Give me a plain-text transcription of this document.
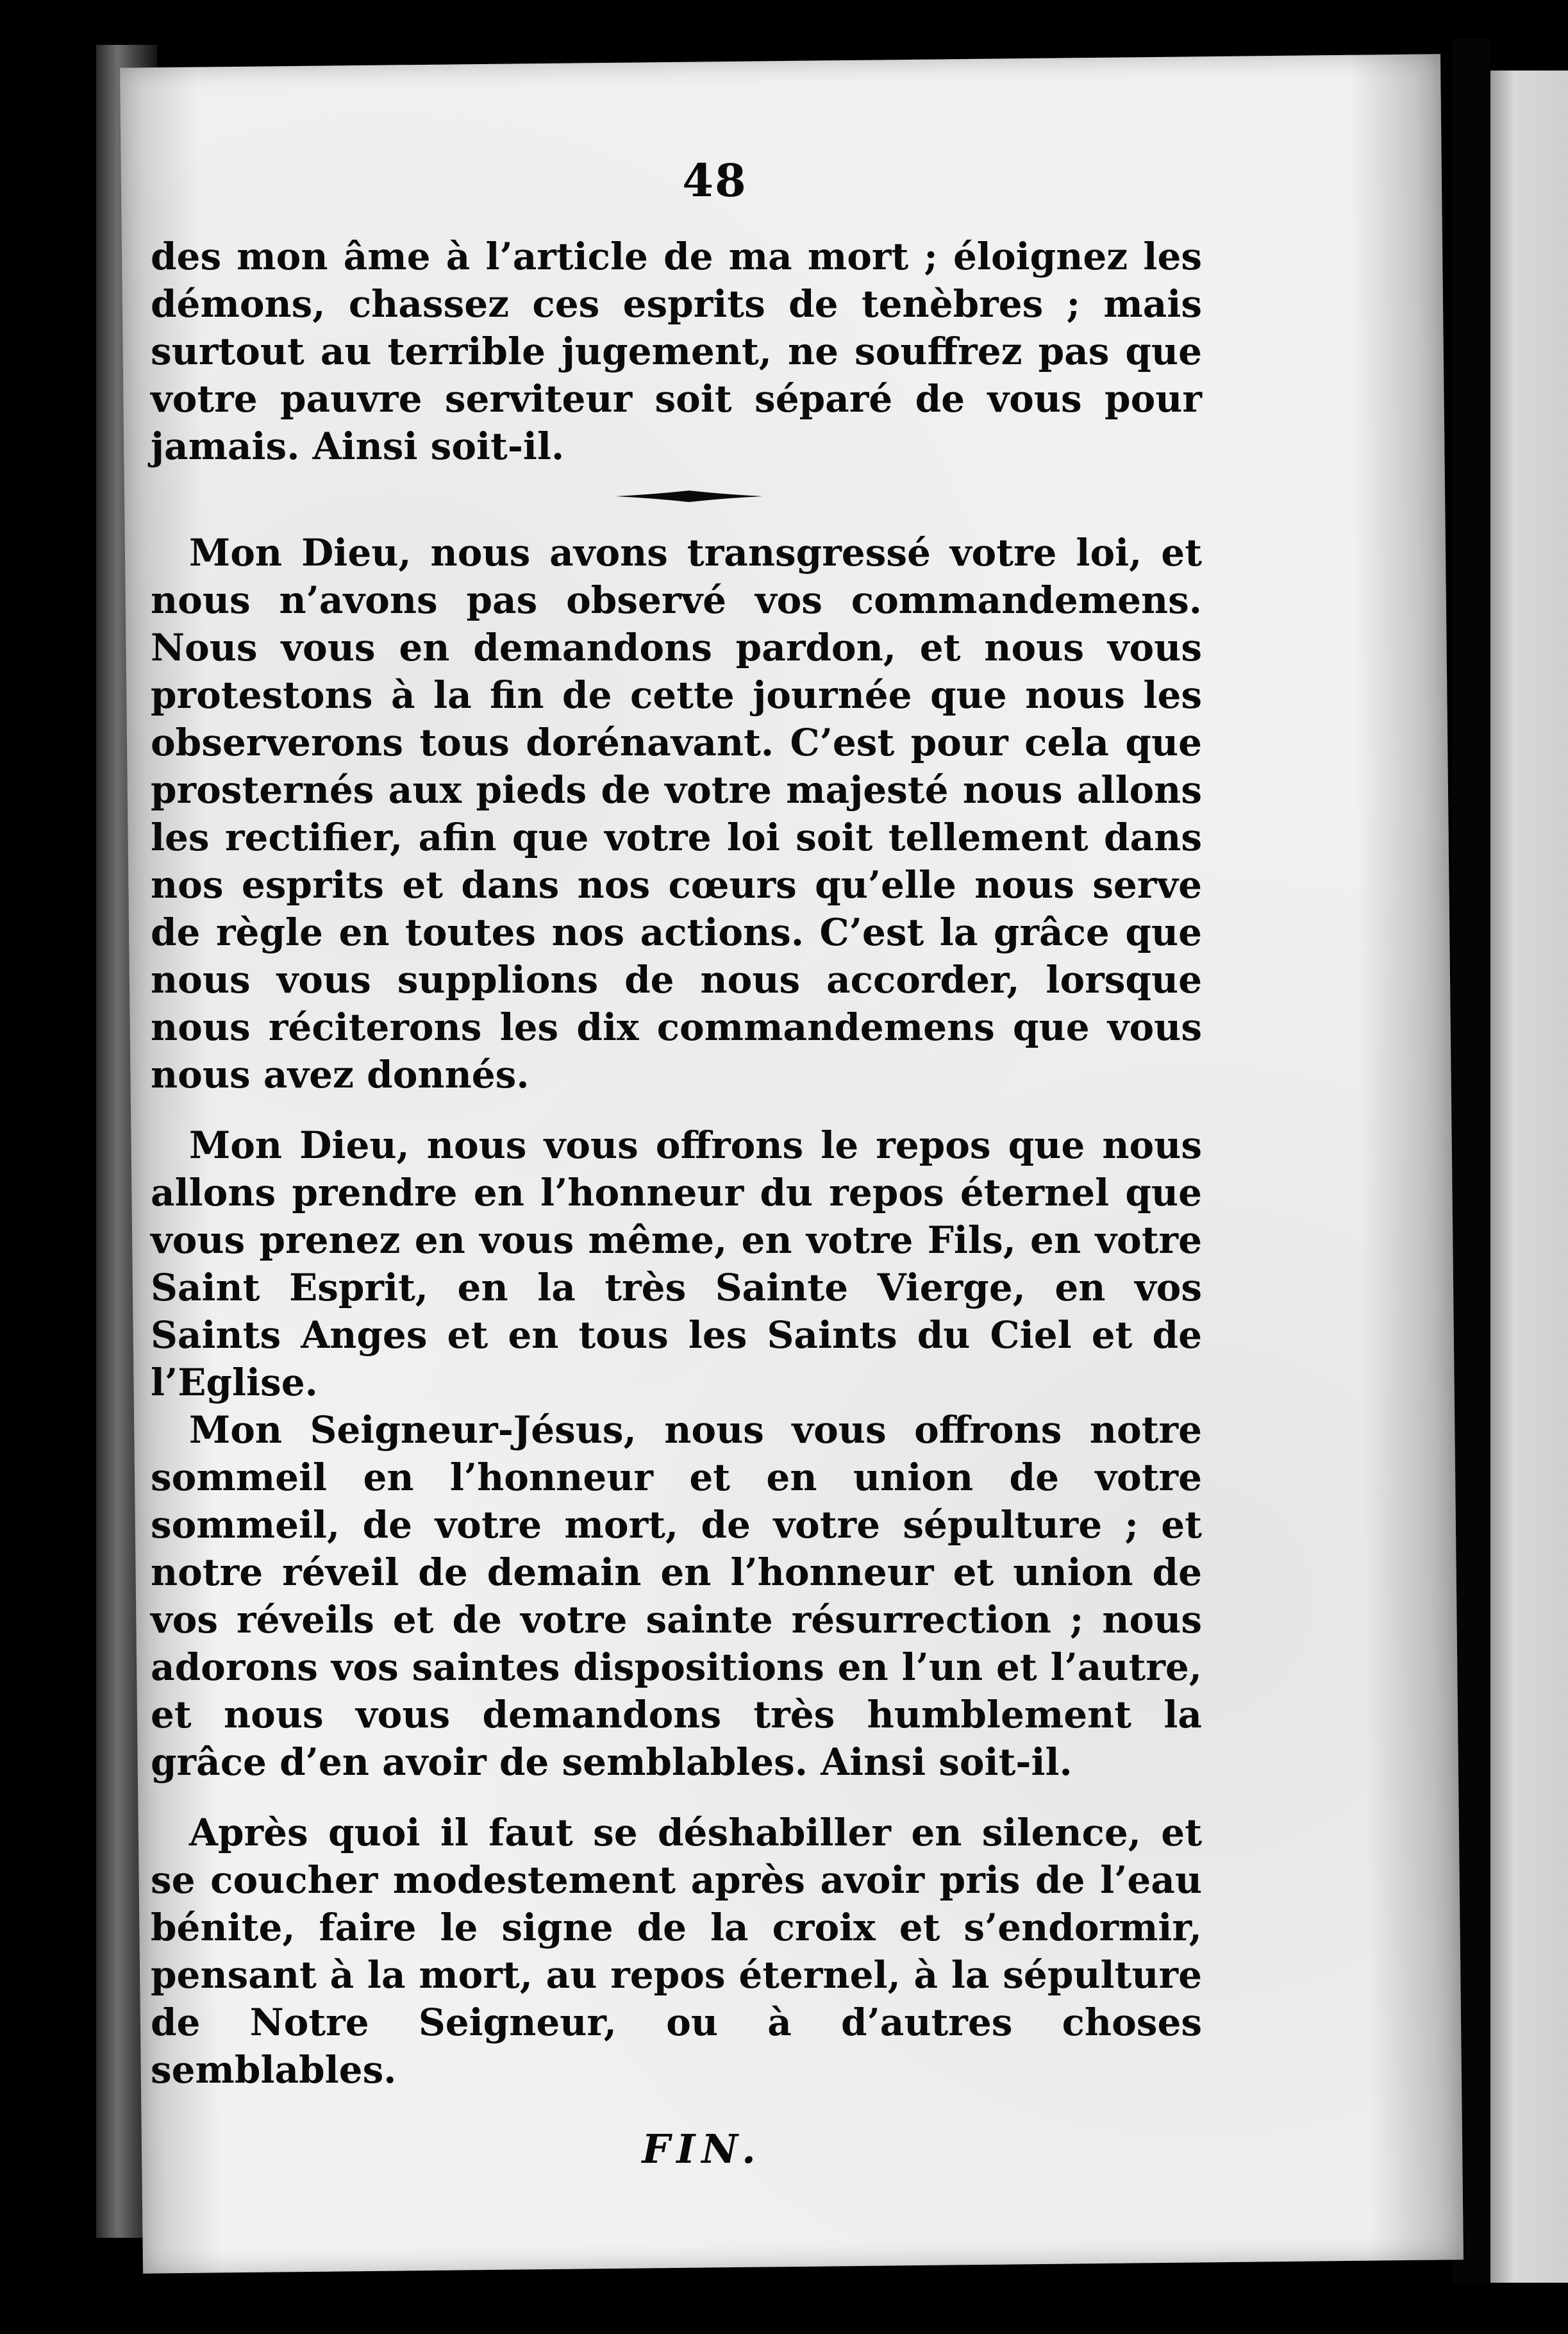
48

des mon âme à l’article de ma mort ; éloignez les démons, chassez ces esprits de tenèbres ; mais surtout au terrible jugement, ne souffrez pas que votre pauvre serviteur soit séparé de vous pour jamais. Ainsi soit-il.

Mon Dieu, nous avons transgressé votre loi, et nous n’avons pas observé vos commandemens. Nous vous en demandons pardon, et nous vous protestons à la fin de cette journée que nous les observerons tous dorénavant. C’est pour cela que prosternés aux pieds de votre majesté nous allons les rectifier, afin que votre loi soit tellement dans nos esprits et dans nos cœurs qu’elle nous serve de règle en toutes nos actions. C’est la grâce que nous vous supplions de nous accorder, lorsque nous réciterons les dix commandemens que vous nous avez donnés.

Mon Dieu, nous vous offrons le repos que nous allons prendre en l’honneur du repos éternel que vous prenez en vous même, en votre Fils, en votre Saint Esprit, en la très Sainte Vierge, en vos Saints Anges et en tous les Saints du Ciel et de l’Eglise.

Mon Seigneur-Jésus, nous vous offrons notre sommeil en l’honneur et en union de votre sommeil, de votre mort, de votre sépulture ; et notre réveil de demain en l’honneur et union de vos réveils et de votre sainte résurrection ; nous adorons vos saintes dispositions en l’un et l’autre, et nous vous demandons très humblement la grâce d’en avoir de semblables. Ainsi soit-il.

Après quoi il faut se déshabiller en silence, et se coucher modestement après avoir pris de l’eau bénite, faire le signe de la croix et s’endormir, pensant à la mort, au repos éternel, à la sépulture de Notre Seigneur, ou à d’autres choses semblables.

FIN.
